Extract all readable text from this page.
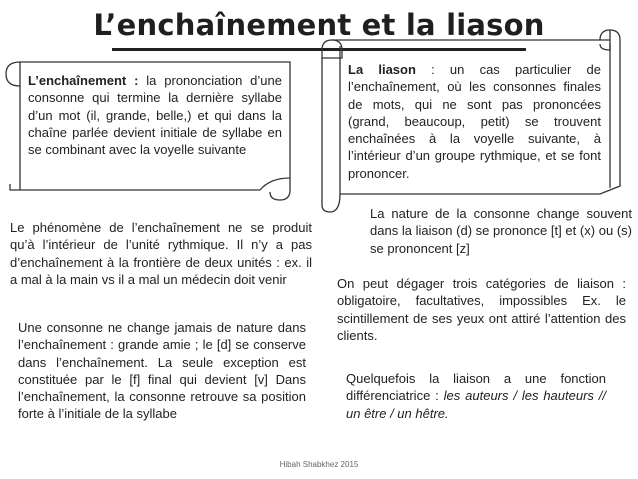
L’enchaînement et la liason
L’enchaînement : la prononciation d’une consonne qui termine la dernière syllabe d’un mot (il, grande, belle,) et qui dans la chaîne parlée devient initiale de syllabe en se combinant avec la voyelle suivante
La liason : un cas particulier de l’enchaînement, où les consonnes finales de mots, qui ne sont pas prononcées (grand, beaucoup, petit) se trouvent enchaînées à la voyelle suivante, à l’intérieur d’un groupe rythmique, et se font prononcer.
Le phénomène de l’enchaînement ne se produit qu’à l’intérieur de l’unité rythmique. Il n’y a pas d’enchaînement à la frontière de deux unités : ex. il a mal à la main vs il a mal un médecin doit venir
Une consonne ne change jamais de nature dans l’enchaînement : grande amie ; le [d] se conserve dans l’enchaînement. La seule exception est constituée par le [f] final qui devient [v] Dans l’enchaînement, la consonne retrouve sa position forte à l’initiale de la syllabe
La nature de la consonne change souvent dans la liaison (d) se prononce [t] et (x) ou (s) se prononcent [z]
On peut dégager trois catégories de liaison : obligatoire, facultatives, impossibles Ex. le scintillement de ses yeux ont attiré l’attention des clients.
Quelquefois la liaison a une fonction différenciatrice : les auteurs / les hauteurs // un être / un hêtre.
Hibah Shabkhez 2015
